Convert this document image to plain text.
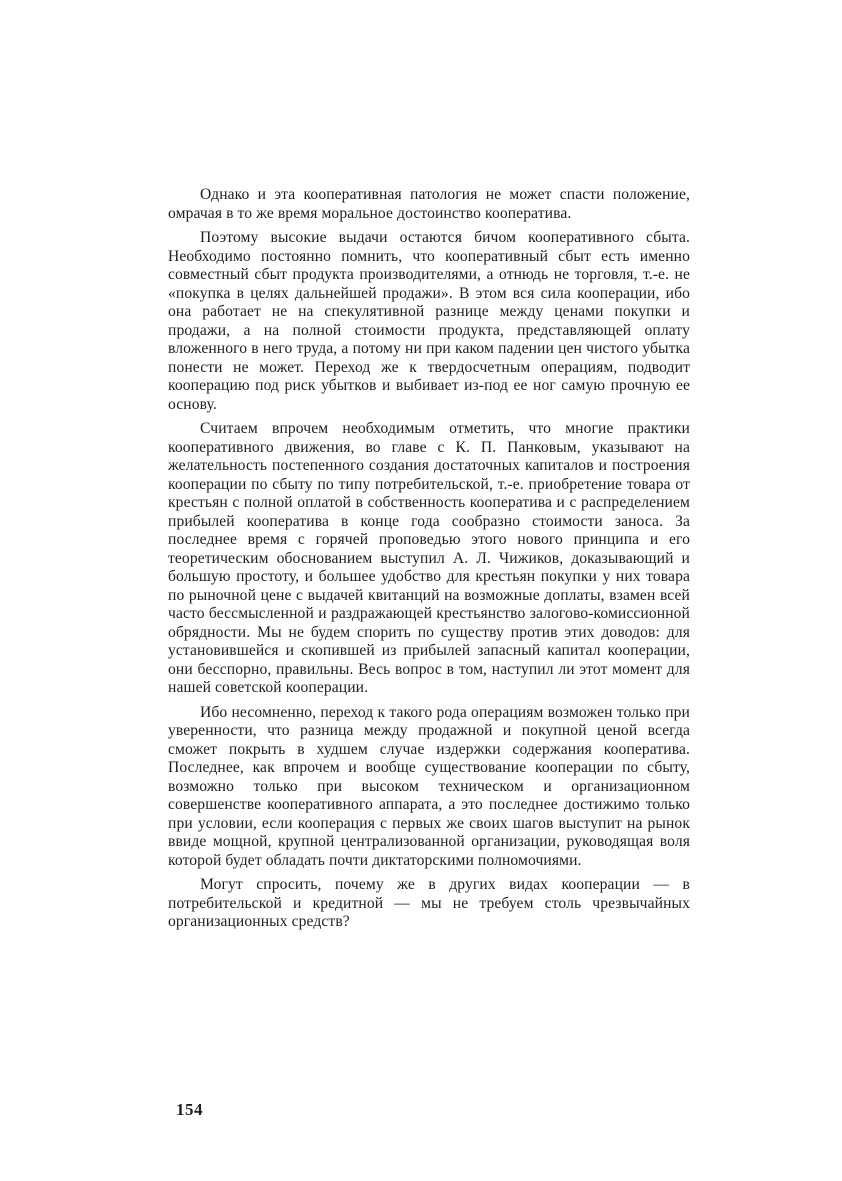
Однако и эта кооперативная патология не может спасти положение, омрачая в то же время моральное достоинство кооператива.

Поэтому высокие выдачи остаются бичом кооперативного сбыта. Необходимо постоянно помнить, что кооперативный сбыт есть именно совместный сбыт продукта производителями, а отнюдь не торговля, т.-е. не «покупка в целях дальнейшей продажи». В этом вся сила кооперации, ибо она работает не на спекулятивной разнице между ценами покупки и продажи, а на полной стоимости продукта, представляющей оплату вложенного в него труда, а потому ни при каком падении цен чистого убытка понести не может. Переход же к твердосчетным операциям, подводит кооперацию под риск убытков и выбивает из-под ее ног самую прочную ее основу.

Считаем впрочем необходимым отметить, что многие практики кооперативного движения, во главе с К. П. Панковым, указывают на желательность постепенного создания достаточных капиталов и построения кооперации по сбыту по типу потребительской, т.-е. приобретение товара от крестьян с полной оплатой в собственность кооператива и с распределением прибылей кооператива в конце года сообразно стоимости заноса. За последнее время с горячей проповедью этого нового принципа и его теоретическим обоснованием выступил А. Л. Чижиков, доказывающий и большую простоту, и большее удобство для крестьян покупки у них товара по рыночной цене с выдачей квитанций на возможные доплаты, взамен всей часто бессмысленной и раздражающей крестьянство залогово-комиссионной обрядности. Мы не будем спорить по существу против этих доводов: для установившейся и скопившей из прибылей запасный капитал кооперации, они бесспорно, правильны. Весь вопрос в том, наступил ли этот момент для нашей советской кооперации.

Ибо несомненно, переход к такого рода операциям возможен только при уверенности, что разница между продажной и покупной ценой всегда сможет покрыть в худшем случае издержки содержания кооператива. Последнее, как впрочем и вообще существование кооперации по сбыту, возможно только при высоком техническом и организационном совершенстве кооперативного аппарата, а это последнее достижимо только при условии, если кооперация с первых же своих шагов выступит на рынок ввиде мощной, крупной централизованной организации, руководящая воля которой будет обладать почти диктаторскими полномочиями.

Могут спросить, почему же в других видах кооперации — в потребительской и кредитной — мы не требуем столь чрезвычайных организационных средств?

154
